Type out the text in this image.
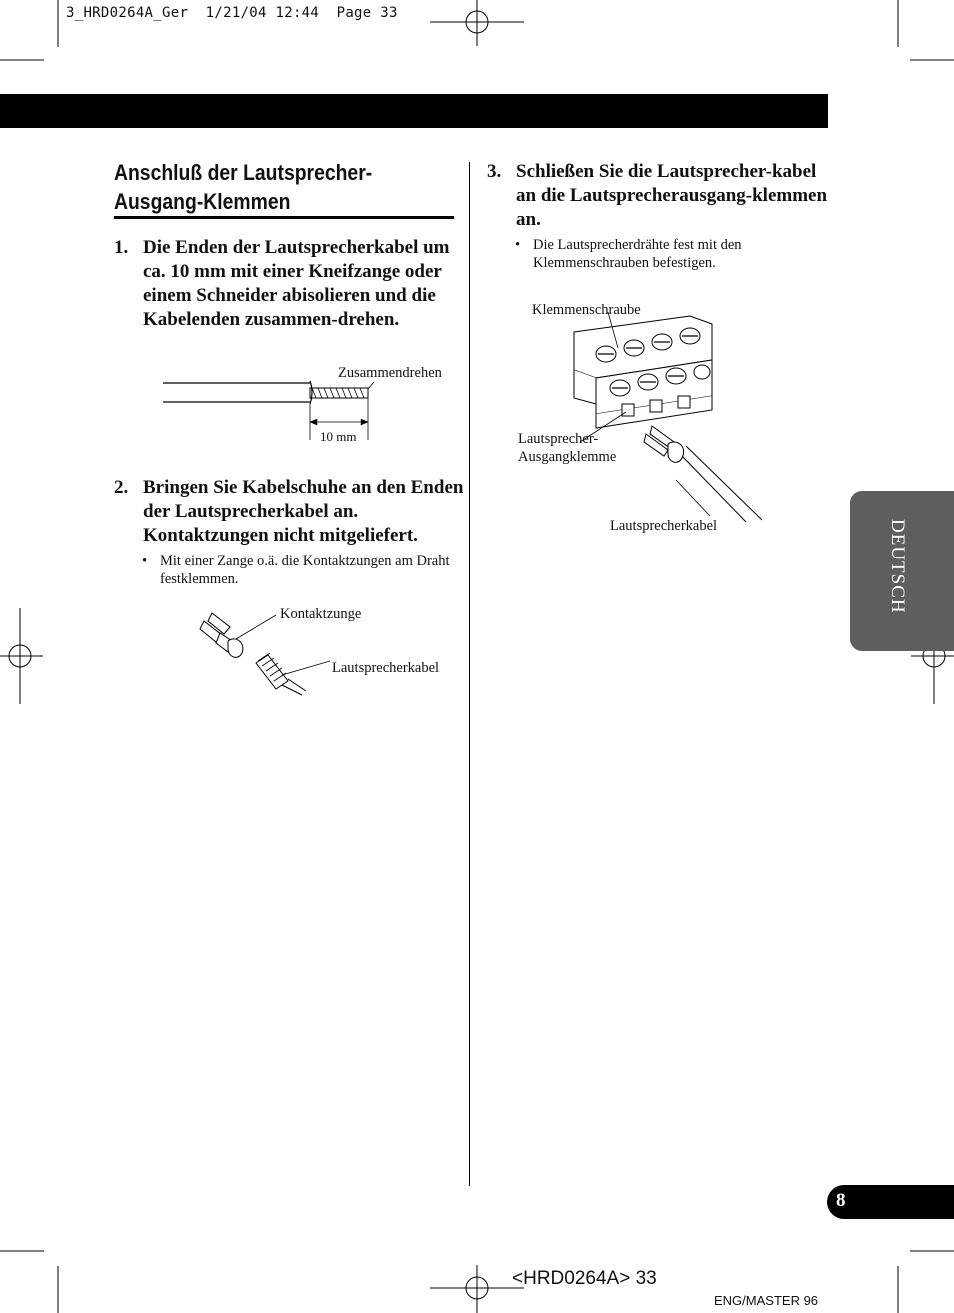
3_HRD0264A_Ger  1/21/04 12:44  Page 33
Anschluß der Lautsprecher-Ausgang-Klemmen
1. Die Enden der Lautsprecherkabel um ca. 10 mm mit einer Kneifzange oder einem Schneider abisolieren und die Kabelenden zusammen-drehen.
Zusammendrehen
10 mm
2. Bringen Sie Kabelschuhe an den Enden der Lautsprecherkabel an. Kontaktzungen nicht mitgeliefert.
• Mit einer Zange o.ä. die Kontaktzungen am Draht festklemmen.
Kontaktzunge
Lautsprecherkabel
3. Schließen Sie die Lautsprecher-kabel an die Lautsprecherausgang-klemmen an.
• Die Lautsprecherdrähte fest mit den Klemmenschrauben befestigen.
Klemmenschraube
Lautsprecher-
Ausgangklemme
Lautsprecherkabel	DEUTSCH
8
<HRD0264A> 33
ENG/MASTER 96
